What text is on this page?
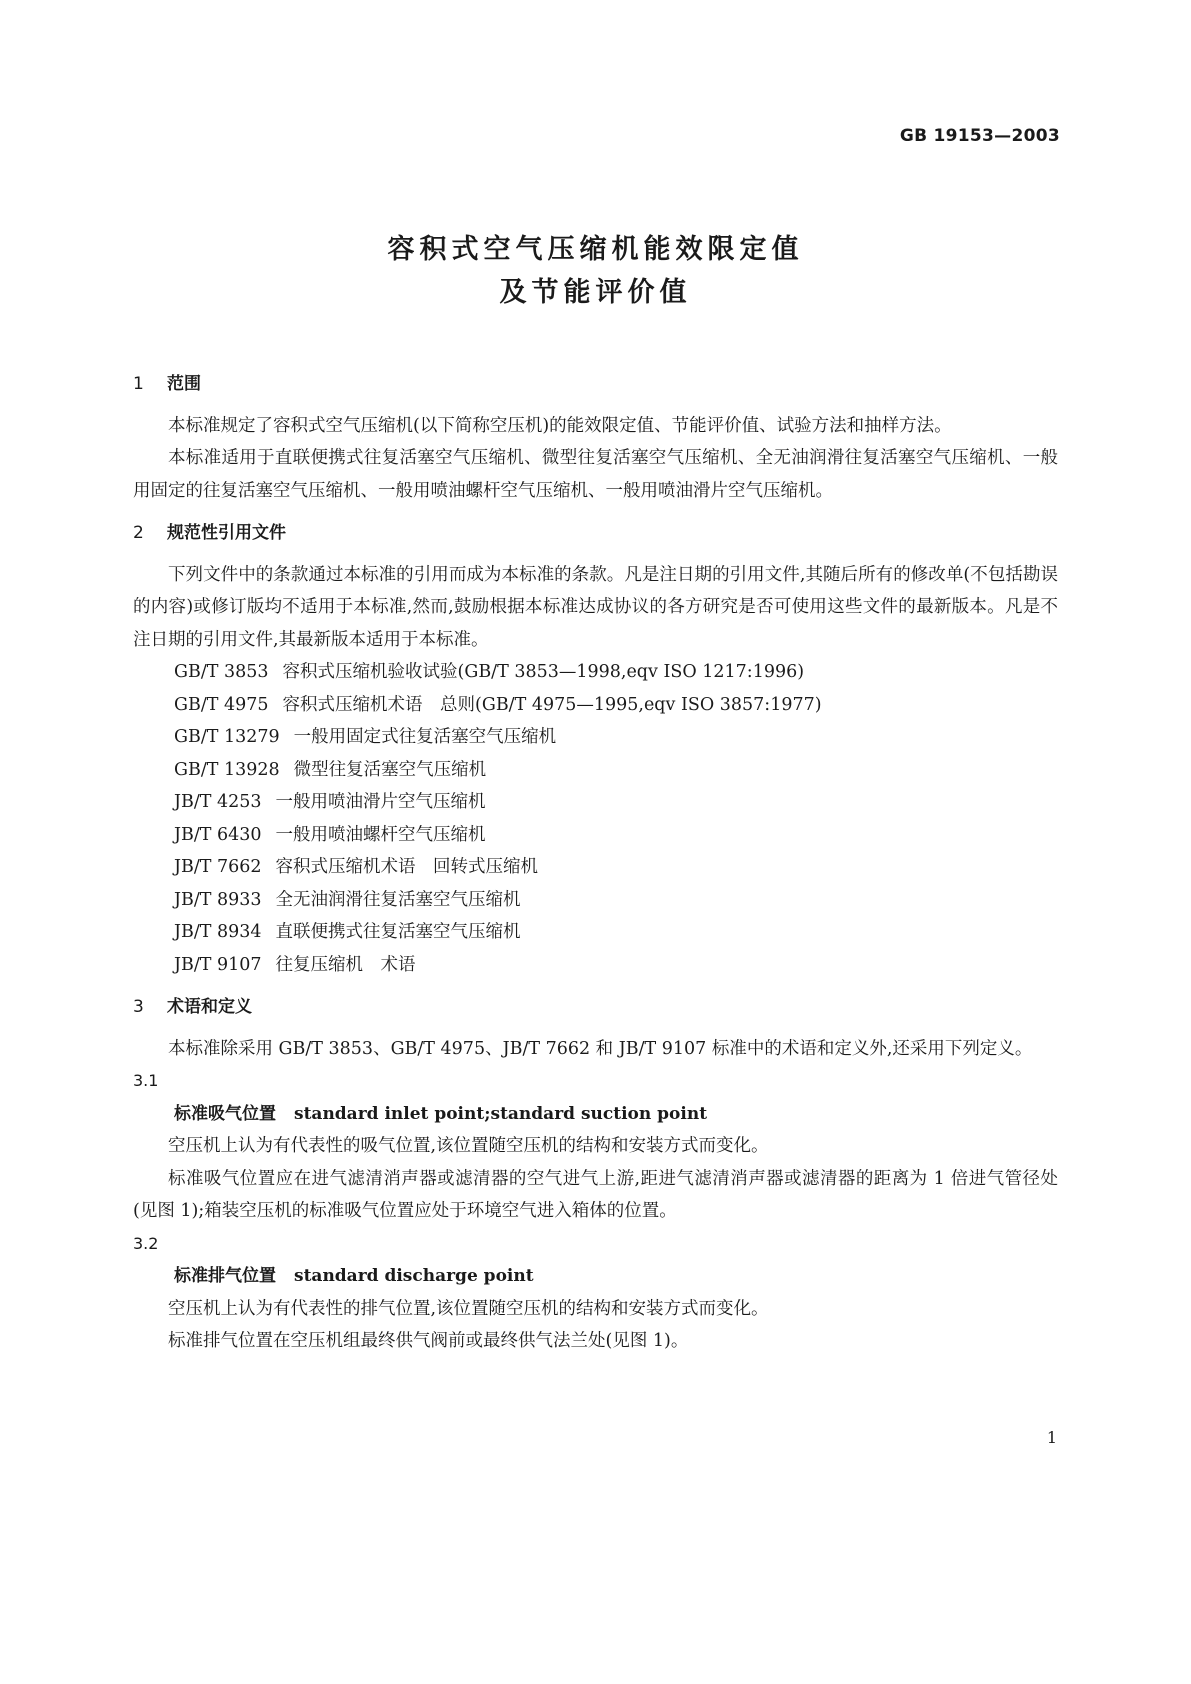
GB 19153—2003
容积式空气压缩机能效限定值
及节能评价值

1 范围

本标准规定了容积式空气压缩机(以下简称空压机)的能效限定值、节能评价值、试验方法和抽样方法。

本标准适用于直联便携式往复活塞空气压缩机、微型往复活塞空气压缩机、全无油润滑往复活塞空气压缩机、一般用固定的往复活塞空气压缩机、一般用喷油螺杆空气压缩机、一般用喷油滑片空气压缩机。

2 规范性引用文件

下列文件中的条款通过本标准的引用而成为本标准的条款。凡是注日期的引用文件,其随后所有的修改单(不包括勘误的内容)或修订版均不适用于本标准,然而,鼓励根据本标准达成协议的各方研究是否可使用这些文件的最新版本。凡是不注日期的引用文件,其最新版本适用于本标准。

GB/T 3853 容积式压缩机验收试验(GB/T 3853—1998,eqv ISO 1217:1996)

GB/T 4975 容积式压缩机术语　总则(GB/T 4975—1995,eqv ISO 3857:1977)

GB/T 13279 一般用固定式往复活塞空气压缩机

GB/T 13928 微型往复活塞空气压缩机

JB/T 4253 一般用喷油滑片空气压缩机

JB/T 6430 一般用喷油螺杆空气压缩机

JB/T 7662 容积式压缩机术语　回转式压缩机

JB/T 8933 全无油润滑往复活塞空气压缩机

JB/T 8934 直联便携式往复活塞空气压缩机

JB/T 9107 往复压缩机　术语

3 术语和定义

本标准除采用 GB/T 3853、GB/T 4975、JB/T 7662 和 JB/T 9107 标准中的术语和定义外,还采用下列定义。

3.1

标准吸气位置 standard inlet point;standard suction point

空压机上认为有代表性的吸气位置,该位置随空压机的结构和安装方式而变化。

标准吸气位置应在进气滤清消声器或滤清器的空气进气上游,距进气滤清消声器或滤清器的距离为 1 倍进气管径处(见图 1);箱装空压机的标准吸气位置应处于环境空气进入箱体的位置。

3.2

标准排气位置 standard discharge point

空压机上认为有代表性的排气位置,该位置随空压机的结构和安装方式而变化。

标准排气位置在空压机组最终供气阀前或最终供气法兰处(见图 1)。

1
